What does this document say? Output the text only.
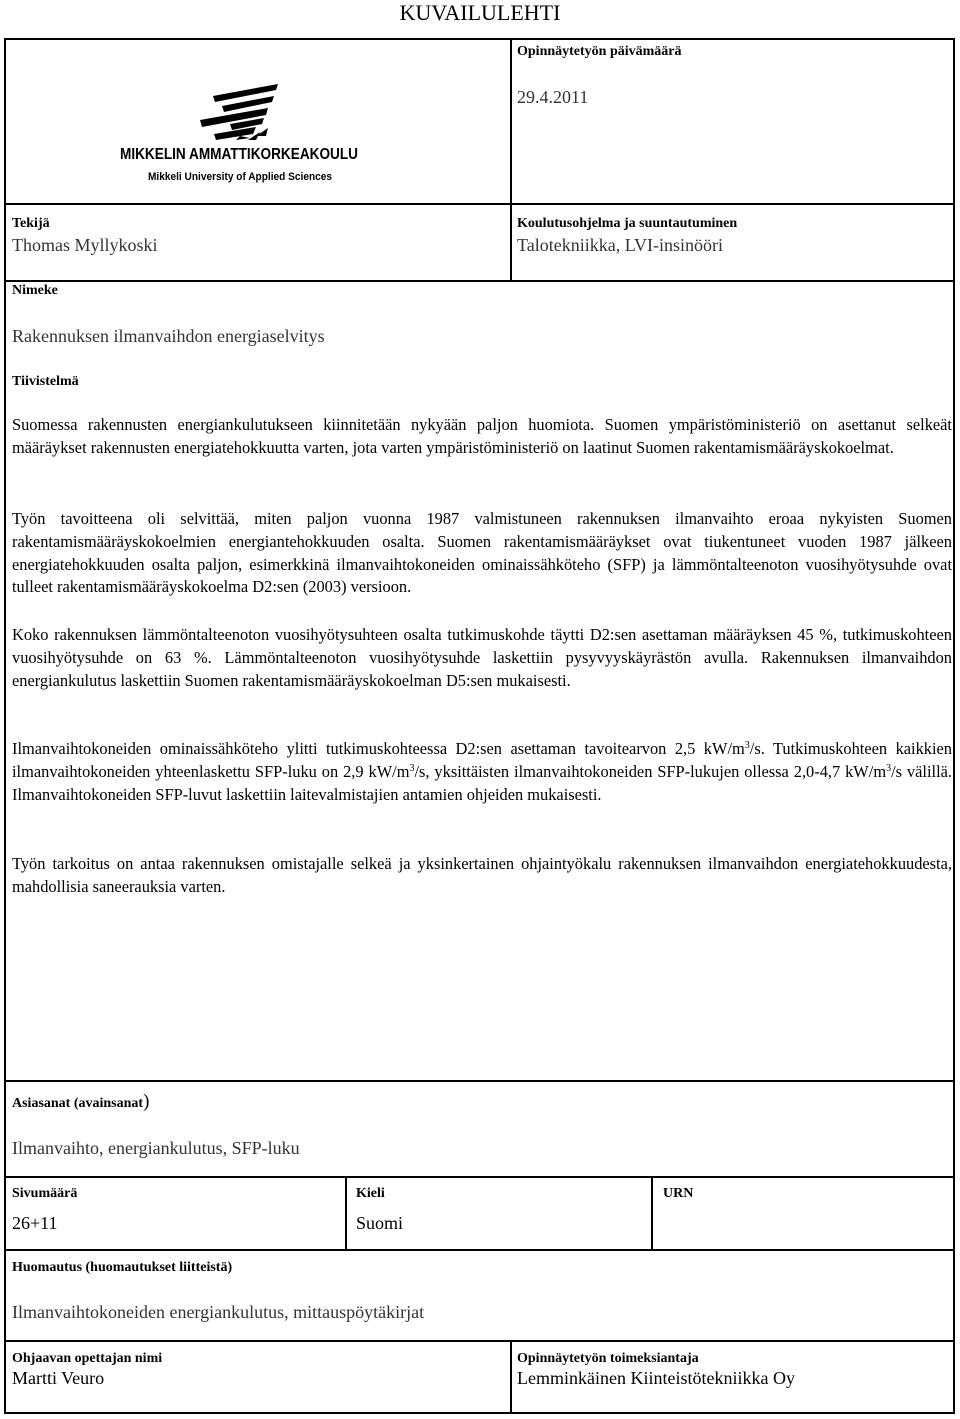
KUVAILULEHTI
MIKKELIN AMMATTIKORKEAKOULU
Mikkeli University of Applied Sciences
Opinnäytetyön päivämäärä
29.4.2011
Tekijä
Thomas Myllykoski
Koulutusohjelma ja suuntautuminen
Talotekniikka, LVI-insinööri
Nimeke
Rakennuksen ilmanvaihdon energiaselvitys
Tiivistelmä
Suomessa rakennusten energiankulutukseen kiinnitetään nykyään paljon huomiota. Suomen ympäristöministeriö on asettanut selkeät määräykset rakennusten energiatehokkuutta varten, jota varten ympäristöministeriö on laatinut Suomen rakentamismääräyskokoelmat.
Työn tavoitteena oli selvittää, miten paljon vuonna 1987 valmistuneen rakennuksen ilmanvaihto eroaa nykyisten Suomen rakentamismääräyskokoelmien energiantehokkuuden osalta. Suomen rakentamismääräykset ovat tiukentuneet vuoden 1987 jälkeen energiatehokkuuden osalta paljon, esimerkkinä ilmanvaihtokoneiden ominaissähköteho (SFP) ja lämmöntalteenoton vuosihyötysuhde ovat tulleet rakentamismääräyskokoelma D2:sen (2003) versioon.
Koko rakennuksen lämmöntalteenoton vuosihyötysuhteen osalta tutkimuskohde täytti D2:sen asettaman määräyksen 45 %, tutkimuskohteen vuosihyötysuhde on 63 %. Lämmöntalteenoton vuosihyötysuhde laskettiin pysyvyyskäyrästön avulla. Rakennuksen ilmanvaihdon energiankulutus laskettiin Suomen rakentamismääräyskokoelman D5:sen mukaisesti.
Ilmanvaihtokoneiden ominaissähköteho ylitti tutkimuskohteessa D2:sen asettaman tavoitearvon 2,5 $kW/m^3/s$. Tutkimuskohteen kaikkien ilmanvaihtokoneiden yhteenlaskettu SFP-luku on 2,9 $kW/m^3/s$, yksittäisten ilmanvaihtokoneiden SFP-lukujen ollessa 2,0-4,7 $kW/m^3/s$ välillä. Ilmanvaihtokoneiden SFP-luvut laskettiin laitevalmistajien antamien ohjeiden mukaisesti.
Työn tarkoitus on antaa rakennuksen omistajalle selkeä ja yksinkertainen ohjaintyökalu rakennuksen ilmanvaihdon energiatehokkuudesta, mahdollisia saneerauksia varten.
Asiasanat (avainsanat)
Ilmanvaihto, energiankulutus, SFP-luku
Sivumäärä
26+11
Kieli
Suomi
URN
Huomautus (huomautukset liitteistä)
Ilmanvaihtokoneiden energiankulutus, mittauspöytäkirjat
Ohjaavan opettajan nimi
Martti Veuro
Opinnäytetyön toimeksiantaja
Lemminkäinen Kiinteistötekniikka Oy
